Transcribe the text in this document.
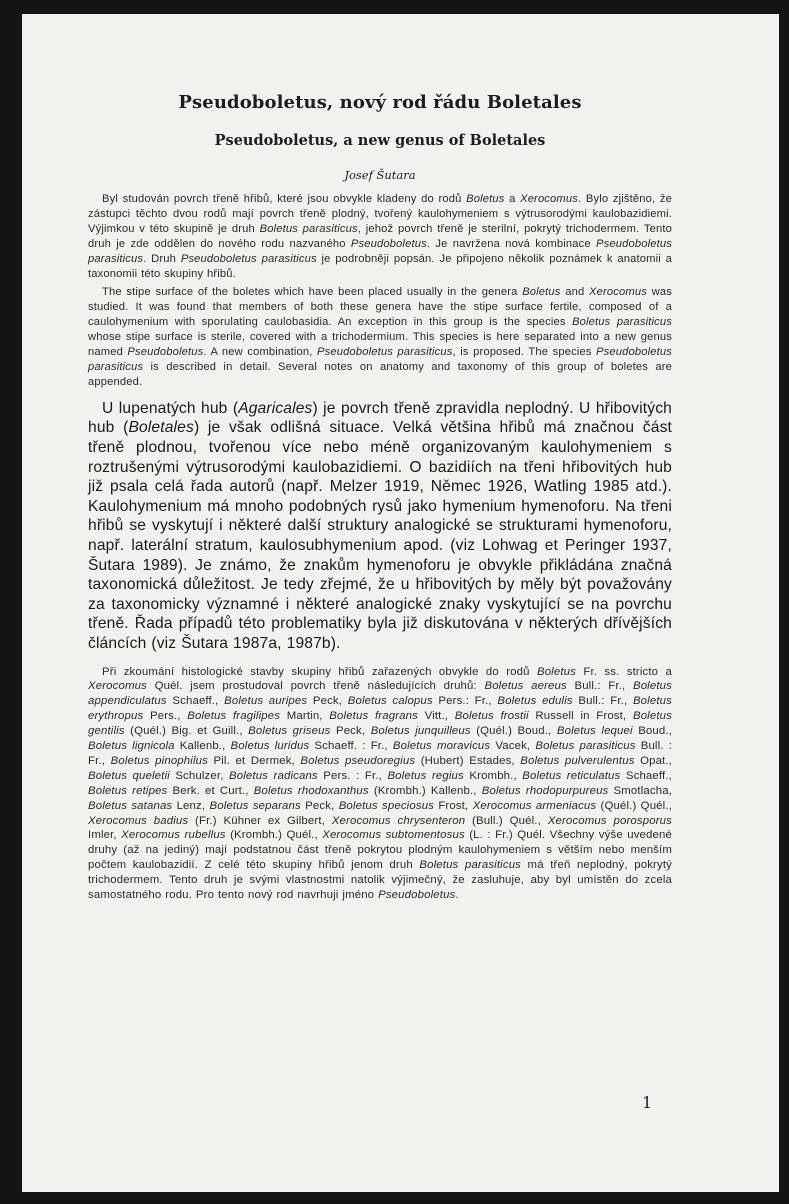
Pseudoboletus, nový rod řádu Boletales
Pseudoboletus, a new genus of Boletales
Josef Šutara

Byl studován povrch třeně hřibů, které jsou obvykle kladeny do rodů Boletus a Xerocomus. Bylo zjištěno, že zástupci těchto dvou rodů mají povrch třeně plodný, tvořený kaulohymeniem s výtrusorodými kaulobazidiemi. Výjimkou v této skupině je druh Boletus parasiticus, jehož povrch třeně je sterilní, pokrytý trichodermem. Tento druh je zde oddělen do nového rodu nazvaného Pseudoboletus. Je navržena nová kombinace Pseudoboletus parasiticus. Druh Pseudoboletus parasiticus je podrobněji popsán. Je připojeno několik poznámek k anatomii a taxonomii této skupiny hřibů.

The stipe surface of the boletes which have been placed usually in the genera Boletus and Xerocomus was studied. It was found that members of both these genera have the stipe surface fertile, composed of a caulohymenium with sporulating caulobasidia. An exception in this group is the species Boletus parasiticus whose stipe surface is sterile, covered with a trichodermium. This species is here separated into a new genus named Pseudoboletus. A new combination, Pseudoboletus parasiticus, is proposed. The species Pseudoboletus parasiticus is described in detail. Several notes on anatomy and taxonomy of this group of boletes are appended.

U lupenatých hub (Agaricales) je povrch třeně zpravidla neplodný. U hřibovitých hub (Boletales) je však odlišná situace. Velká většina hřibů má značnou část třeně plodnou, tvořenou více nebo méně organizovaným kaulohymeniem s roztrušenými výtrusorodými kaulobazidiemi. O bazidiích na třeni hřibovitých hub již psala celá řada autorů (např. Melzer 1919, Němec 1926, Watling 1985 atd.). Kaulohymenium má mnoho podobných rysů jako hymenium hymenoforu. Na třeni hřibů se vyskytují i některé další struktury analogické se strukturami hymenoforu, např. laterální stratum, kaulosubhymenium apod. (viz Lohwag et Peringer 1937, Šutara 1989). Je známo, že znakům hymenoforu je obvykle přikládána značná taxonomická důležitost. Je tedy zřejmé, že u hřibovitých by měly být považovány za taxonomicky významné i některé analogické znaky vyskytující se na povrchu třeně. Řada případů této problematiky byla již diskutována v některých dřívějších článcích (viz Šutara 1987a, 1987b).

Při zkoumání histologické stavby skupiny hřibů zařazených obvykle do rodů Boletus Fr. ss. stricto a Xerocomus Quél. jsem prostudoval povrch třeně následujících druhů: Boletus aereus Bull.: Fr., Boletus appendiculatus Schaeff., Boletus auripes Peck, Boletus calopus Pers.: Fr., Boletus edulis Bull.: Fr., Boletus erythropus Pers., Boletus fragilipes Martin, Boletus fragrans Vitt., Boletus frostii Russell in Frost, Boletus gentilis (Quél.) Big. et Guill., Boletus griseus Peck, Boletus junquilleus (Quél.) Boud., Boletus lequei Boud., Boletus lignicola Kallenb., Boletus luridus Schaeff. : Fr., Boletus moravicus Vacek, Boletus parasiticus Bull. : Fr., Boletus pinophilus Pil. et Dermek, Boletus pseudoregius (Hubert) Estades, Boletus pulverulentus Opat., Boletus queletii Schulzer, Boletus radicans Pers. : Fr., Boletus regius Krombh., Boletus reticulatus Schaeff., Boletus retipes Berk. et Curt., Boletus rhodoxanthus (Krombh.) Kallenb., Boletus rhodopurpureus Smotlacha, Boletus satanas Lenz, Boletus separans Peck, Boletus speciosus Frost, Xerocomus armeniacus (Quél.) Quél., Xerocomus badius (Fr.) Kühner ex Gilbert, Xerocomus chrysenteron (Bull.) Quél., Xerocomus porosporus Imler, Xerocomus rubellus (Krombh.) Quél., Xerocomus subtomentosus (L. : Fr.) Quél. Všechny výše uvedené druhy (až na jediný) mají podstatnou část třeně pokrytou plodným kaulohymeniem s větším nebo menším počtem kaulobazidií. Z celé této skupiny hřibů jenom druh Boletus parasiticus má třeň neplodný, pokrytý trichodermem. Tento druh je svými vlastnostmi natolik výjimečný, že zasluhuje, aby byl umístěn do zcela samostatného rodu. Pro tento nový rod navrhuji jméno Pseudoboletus.

1
